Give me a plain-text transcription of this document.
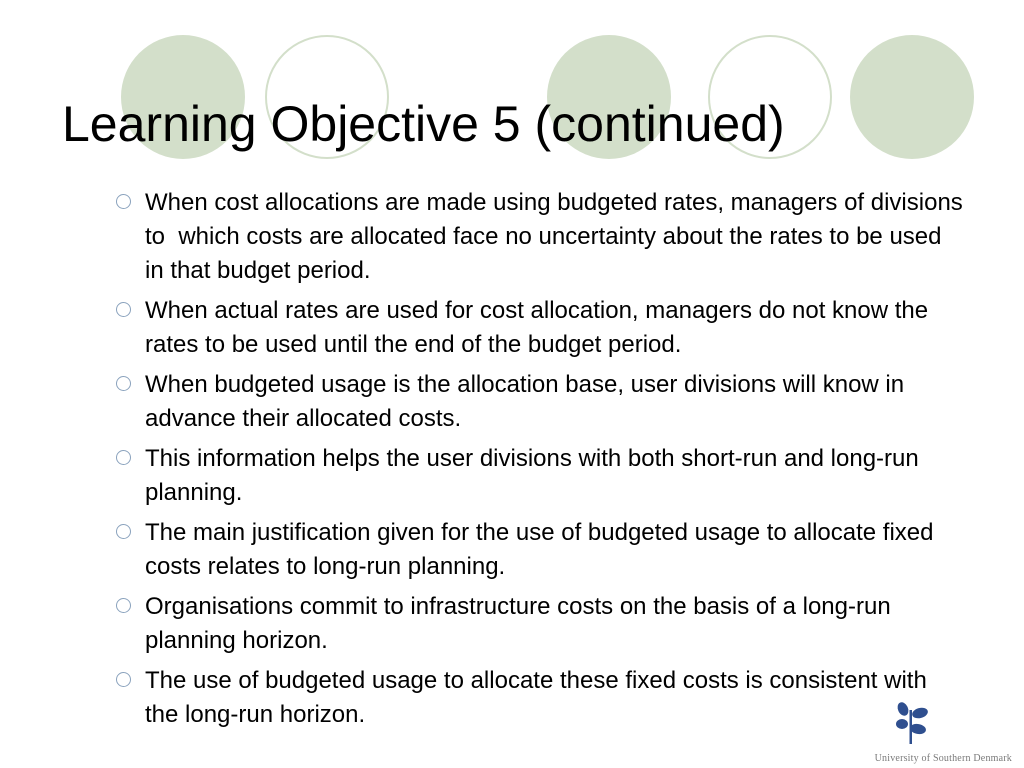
Learning Objective 5 (continued)
When cost allocations are made using budgeted rates, managers of divisions to  which costs are allocated face no uncertainty about the rates to be used in that budget period.
When actual rates are used for cost allocation, managers do not know the rates to be used until the end of the budget period.
When budgeted usage is the allocation base, user divisions will know in advance their allocated costs.
This information helps the user divisions with both short-run and long-run planning.
The main justification given for the use of budgeted usage to allocate fixed costs relates to long-run planning.
Organisations commit to infrastructure costs on the basis of a long-run planning horizon.
The use of budgeted usage to allocate these fixed costs is consistent with the long-run horizon.
University of Southern Denmark
